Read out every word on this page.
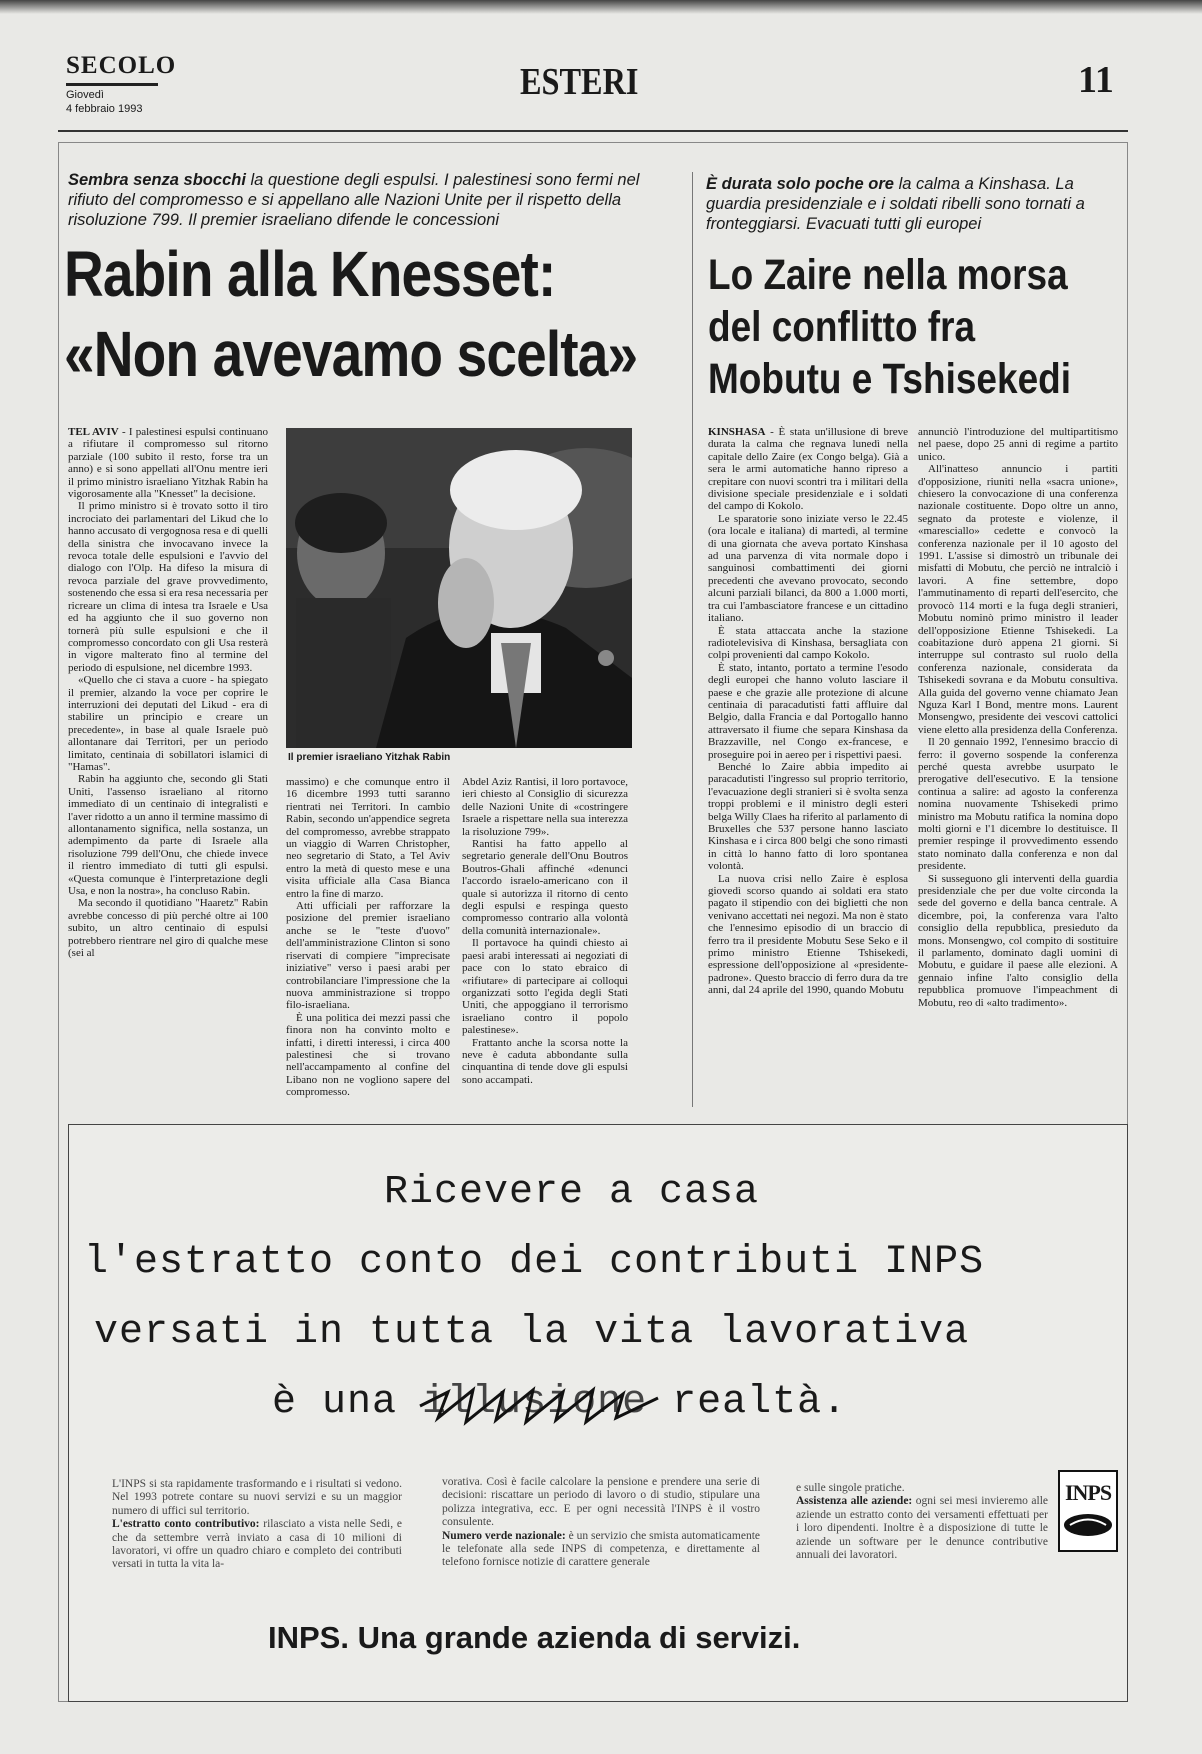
SECOLO
Giovedì
4 febbraio 1993
ESTERI	11
Sembra senza sbocchi la questione degli espulsi. I palestinesi sono fermi nel rifiuto del compromesso e si appellano alle Nazioni Unite per il rispetto della risoluzione 799. Il premier israeliano difende le concessioni
Rabin alla Knesset:
«Non avevamo scelta»

TEL AVIV - I palestinesi espulsi continuano a rifiutare il compromesso sul ritorno parziale (100 subito il resto, forse tra un anno) e si sono appellati all'Onu mentre ieri il primo ministro israeliano Yitzhak Rabin ha vigorosamente alla "Knesset" la decisione.

Il primo ministro si è trovato sotto il tiro incrociato dei parlamentari del Likud che lo hanno accusato di vergognosa resa e di quelli della sinistra che invocavano invece la revoca totale delle espulsioni e l'avvio del dialogo con l'Olp. Ha difeso la misura di revoca parziale del grave provvedimento, sostenendo che essa si era resa necessaria per ricreare un clima di intesa tra Israele e Usa ed ha aggiunto che il suo governo non tornerà più sulle espulsioni e che il compromesso concordato con gli Usa resterà in vigore malterato fino al termine del periodo di espulsione, nel dicembre 1993.

«Quello che ci stava a cuore - ha spiegato il premier, alzando la voce per coprire le interruzioni dei deputati del Likud - era di stabilire un principio e creare un precedente», in base al quale Israele può allontanare dai Territori, per un periodo limitato, centinaia di sobillatori islamici di "Hamas".

Rabin ha aggiunto che, secondo gli Stati Uniti, l'assenso israeliano al ritorno immediato di un centinaio di integralisti e l'aver ridotto a un anno il termine massimo di allontanamento significa, nella sostanza, un adempimento da parte di Israele alla risoluzione 799 dell'Onu, che chiede invece il rientro immediato di tutti gli espulsi. «Questa comunque è l'interpretazione degli Usa, e non la nostra», ha concluso Rabin.

Ma secondo il quotidiano "Haaretz" Rabin avrebbe concesso di più perché oltre ai 100 subito, un altro centinaio di espulsi potrebbero rientrare nel giro di qualche mese (sei al

Il premier israeliano Yitzhak Rabin

massimo) e che comunque entro il 16 dicembre 1993 tutti saranno rientrati nei Territori. In cambio Rabin, secondo un'appendice segreta del compromesso, avrebbe strappato un viaggio di Warren Christopher, neo segretario di Stato, a Tel Aviv entro la metà di questo mese e una visita ufficiale alla Casa Bianca entro la fine di marzo.

Atti ufficiali per rafforzare la posizione del premier israeliano anche se le "teste d'uovo" dell'amministrazione Clinton si sono riservati di compiere "imprecisate iniziative" verso i paesi arabi per controbilanciare l'impressione che la nuova amministrazione si troppo filo-israeliana.

È una politica dei mezzi passi che finora non ha convinto molto e infatti, i diretti interessi, i circa 400 palestinesi che si trovano nell'accampamento al confine del Libano non ne vogliono sapere del compromesso.

Abdel Aziz Rantisi, il loro portavoce, ieri chiesto al Consiglio di sicurezza delle Nazioni Unite di «costringere Israele a rispettare nella sua interezza la risoluzione 799».

Rantisi ha fatto appello al segretario generale dell'Onu Boutros Boutros-Ghali affinché «denunci l'accordo israelo-americano con il quale si autorizza il ritorno di cento degli espulsi e respinga questo compromesso contrario alla volontà della comunità internazionale».

Il portavoce ha quindi chiesto ai paesi arabi interessati ai negoziati di pace con lo stato ebraico di «rifiutare» di partecipare ai colloqui organizzati sotto l'egida degli Stati Uniti, che appoggiano il terrorismo israeliano contro il popolo palestinese».

Frattanto anche la scorsa notte la neve è caduta abbondante sulla cinquantina di tende dove gli espulsi sono accampati.

È durata solo poche ore la calma a Kinshasa. La guardia presidenziale e i soldati ribelli sono tornati a fronteggiarsi. Evacuati tutti gli europei
Lo Zaire nella morsa
del conflitto fra
Mobutu e Tshisekedi

KINSHASA - È stata un'illusione di breve durata la calma che regnava lunedì nella capitale dello Zaire (ex Congo belga). Già a sera le armi automatiche hanno ripreso a crepitare con nuovi scontri tra i militari della divisione speciale presidenziale e i soldati del campo di Kokolo.

Le sparatorie sono iniziate verso le 22.45 (ora locale e italiana) di martedì, al termine di una giornata che aveva portato Kinshasa ad una parvenza di vita normale dopo i sanguinosi combattimenti dei giorni precedenti che avevano provocato, secondo alcuni parziali bilanci, da 800 a 1.000 morti, tra cui l'ambasciatore francese e un cittadino italiano.

È stata attaccata anche la stazione radiotelevisiva di Kinshasa, bersagliata con colpi provenienti dal campo Kokolo.

È stato, intanto, portato a termine l'esodo degli europei che hanno voluto lasciare il paese e che grazie alle protezione di alcune centinaia di paracadutisti fatti affluire dal Belgio, dalla Francia e dal Portogallo hanno attraversato il fiume che separa Kinshasa da Brazzaville, nel Congo ex-francese, e proseguire poi in aereo per i rispettivi paesi.

Benché lo Zaire abbia impedito ai paracadutisti l'ingresso sul proprio territorio, l'evacuazione degli stranieri si è svolta senza troppi problemi e il ministro degli esteri belga Willy Claes ha riferito al parlamento di Bruxelles che 537 persone hanno lasciato Kinshasa e i circa 800 belgi che sono rimasti in città lo hanno fatto di loro spontanea volontà.

La nuova crisi nello Zaire è esplosa giovedì scorso quando ai soldati era stato pagato il stipendio con dei biglietti che non venivano accettati nei negozi. Ma non è stato che l'ennesimo episodio di un braccio di ferro tra il presidente Mobutu Sese Seko e il primo ministro Etienne Tshisekedi, espressione dell'opposizione al «presidente-padrone». Questo braccio di ferro dura da tre anni, dal 24 aprile del 1990, quando Mobutu

annunciò l'introduzione del multipartitismo nel paese, dopo 25 anni di regime a partito unico.

All'inatteso annuncio i partiti d'opposizione, riuniti nella «sacra unione», chiesero la convocazione di una conferenza nazionale costituente. Dopo oltre un anno, segnato da proteste e violenze, il «maresciallo» cedette e convocò la conferenza nazionale per il 10 agosto del 1991. L'assise si dimostrò un tribunale dei misfatti di Mobutu, che perciò ne intralciò i lavori. A fine settembre, dopo l'ammutinamento di reparti dell'esercito, che provocò 114 morti e la fuga degli stranieri, Mobutu nominò primo ministro il leader dell'opposizione Etienne Tshisekedi. La coabitazione durò appena 21 giorni. Si interruppe sul contrasto sul ruolo della conferenza nazionale, considerata da Tshisekedi sovrana e da Mobutu consultiva. Alla guida del governo venne chiamato Jean Nguza Karl I Bond, mentre mons. Laurent Monsengwo, presidente dei vescovi cattolici viene eletto alla presidenza della Conferenza.

Il 20 gennaio 1992, l'ennesimo braccio di ferro: il governo sospende la conferenza perché questa avrebbe usurpato le prerogative dell'esecutivo. E la tensione continua a salire: ad agosto la conferenza nomina nuovamente Tshisekedi primo ministro ma Mobutu ratifica la nomina dopo molti giorni e l'1 dicembre lo destituisce. Il premier respinge il provvedimento essendo stato nominato dalla conferenza e non dal presidente.

Si susseguono gli interventi della guardia presidenziale che per due volte circonda la sede del governo e della banca centrale. A dicembre, poi, la conferenza vara l'alto consiglio della repubblica, presieduto da mons. Monsengwo, col compito di sostituire il parlamento, dominato dagli uomini di Mobutu, e guidare il paese alle elezioni. A gennaio infine l'alto consiglio della repubblica promuove l'impeachment di Mobutu, reo di «alto tradimento».

Ricevere a casa
l'estratto conto dei contributi INPS
versati in tutta la vita lavorativa
è una illusione realtà.

L'INPS si sta rapidamente trasformando e i risultati si vedono. Nel 1993 potrete contare su nuovi servizi e su un maggior numero di uffici sul territorio.

L'estratto conto contributivo: rilasciato a vista nelle Sedi, e che da settembre verrà inviato a casa di 10 milioni di lavoratori, vi offre un quadro chiaro e completo dei contributi versati in tutta la vita la-

vorativa. Così è facile calcolare la pensione e prendere una serie di decisioni: riscattare un periodo di lavoro o di studio, stipulare una polizza integrativa, ecc. E per ogni necessità l'INPS è il vostro consulente.

Numero verde nazionale: è un servizio che smista automaticamente le telefonate alla sede INPS di competenza, e direttamente al telefono fornisce notizie di carattere generale

e sulle singole pratiche.

Assistenza alle aziende: ogni sei mesi invieremo alle aziende un estratto conto dei versamenti effettuati per i loro dipendenti. Inoltre è a disposizione di tutte le aziende un software per le denunce contributive annuali dei lavoratori.

INPS
INPS. Una grande azienda di servizi.
